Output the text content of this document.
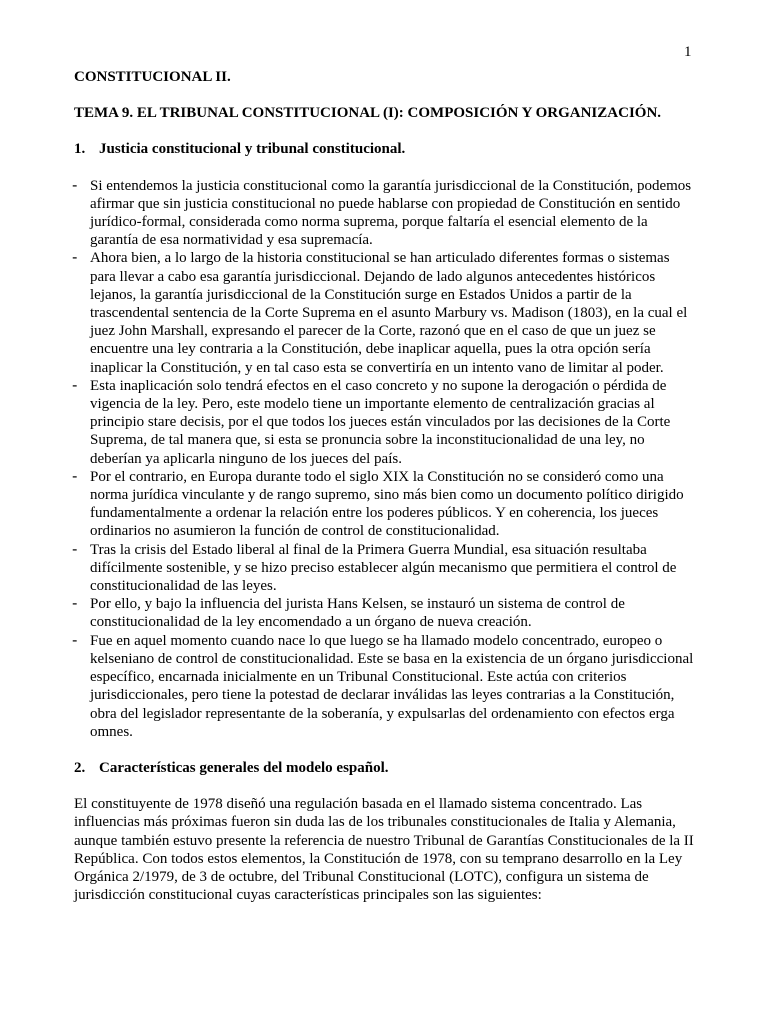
1

CONSTITUCIONAL II.

TEMA 9. EL TRIBUNAL CONSTITUCIONAL (I): COMPOSICIÓN Y ORGANIZACIÓN.

1. Justicia constitucional y tribunal constitucional.

- Si entendemos la justicia constitucional como la garantía jurisdiccional de la Constitución, podemos afirmar que sin justicia constitucional no puede hablarse con propiedad de Constitución en sentido jurídico-formal, considerada como norma suprema, porque faltaría el esencial elemento de la garantía de esa normatividad y esa supremacía.
- Ahora bien, a lo largo de la historia constitucional se han articulado diferentes formas o sistemas para llevar a cabo esa garantía jurisdiccional. Dejando de lado algunos antecedentes históricos lejanos, la garantía jurisdiccional de la Constitución surge en Estados Unidos a partir de la trascendental sentencia de la Corte Suprema en el asunto Marbury vs. Madison (1803), en la cual el juez John Marshall, expresando el parecer de la Corte, razonó que en el caso de que un juez se encuentre una ley contraria a la Constitución, debe inaplicar aquella, pues la otra opción sería inaplicar la Constitución, y en tal caso esta se convertiría en un intento vano de limitar al poder.
- Esta inaplicación solo tendrá efectos en el caso concreto y no supone la derogación o pérdida de vigencia de la ley. Pero, este modelo tiene un importante elemento de centralización gracias al principio stare decisis, por el que todos los jueces están vinculados por las decisiones de la Corte Suprema, de tal manera que, si esta se pronuncia sobre la inconstitucionalidad de una ley, no deberían ya aplicarla ninguno de los jueces del país.
- Por el contrario, en Europa durante todo el siglo XIX la Constitución no se consideró como una norma jurídica vinculante y de rango supremo, sino más bien como un documento político dirigido fundamentalmente a ordenar la relación entre los poderes públicos. Y en coherencia, los jueces ordinarios no asumieron la función de control de constitucionalidad.
- Tras la crisis del Estado liberal al final de la Primera Guerra Mundial, esa situación resultaba difícilmente sostenible, y se hizo preciso establecer algún mecanismo que permitiera el control de constitucionalidad de las leyes.
- Por ello, y bajo la influencia del jurista Hans Kelsen, se instauró un sistema de control de constitucionalidad de la ley encomendado a un órgano de nueva creación.
- Fue en aquel momento cuando nace lo que luego se ha llamado modelo concentrado, europeo o kelseniano de control de constitucionalidad. Este se basa en la existencia de un órgano jurisdiccional específico, encarnada inicialmente en un Tribunal Constitucional. Este actúa con criterios jurisdiccionales, pero tiene la potestad de declarar inválidas las leyes contrarias a la Constitución, obra del legislador representante de la soberanía, y expulsarlas del ordenamiento con efectos erga omnes.

2. Características generales del modelo español.

El constituyente de 1978 diseñó una regulación basada en el llamado sistema concentrado. Las influencias más próximas fueron sin duda las de los tribunales constitucionales de Italia y Alemania, aunque también estuvo presente la referencia de nuestro Tribunal de Garantías Constitucionales de la II República. Con todos estos elementos, la Constitución de 1978, con su temprano desarrollo en la Ley Orgánica 2/1979, de 3 de octubre, del Tribunal Constitucional (LOTC), configura un sistema de jurisdicción constitucional cuyas características principales son las siguientes:
